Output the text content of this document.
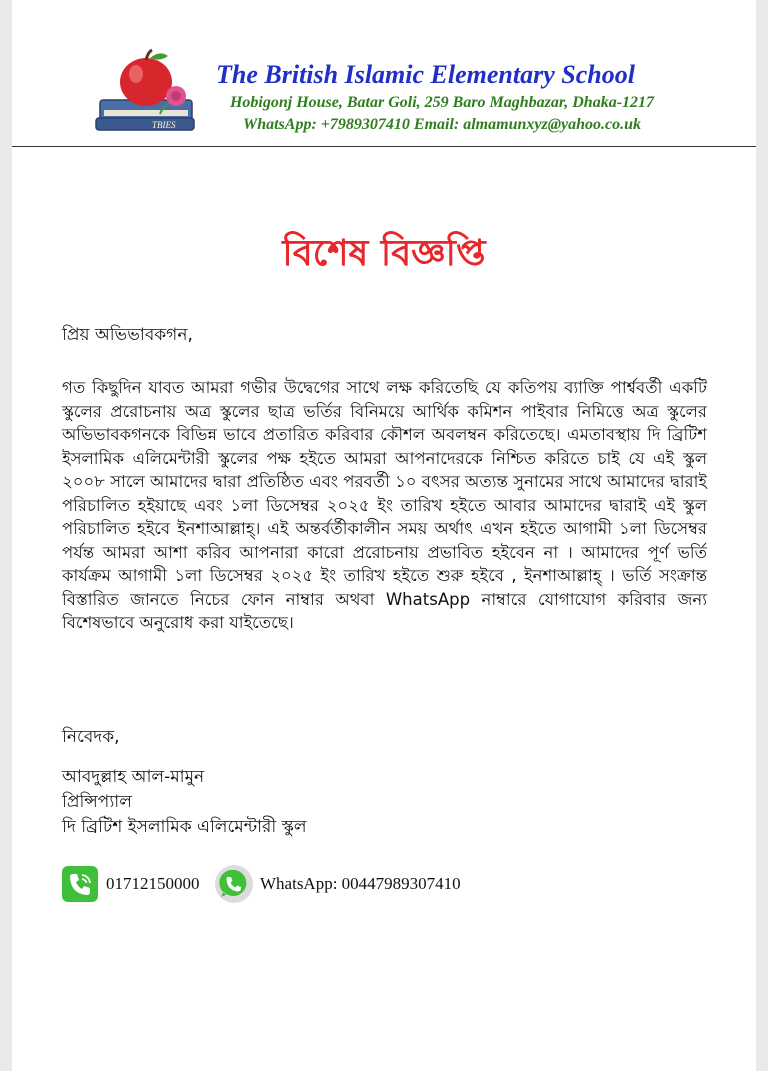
TBIES
The British Islamic Elementary School
Hobigonj House, Batar Goli, 259 Baro Maghbazar, Dhaka-1217
WhatsApp: +7989307410 Email: almamunxyz@yahoo.co.uk
বিশেষ বিজ্ঞপ্তি
প্রিয় অভিভাবকগন,
গত কিছুদিন যাবত আমরা গভীর উদ্বেগের সাথে লক্ষ করিতেছি যে কতিপয় ব্যাক্তি পার্শ্ববর্তী একটি স্কুলের প্ররোচনায় অত্র স্কুলের ছাত্র ভর্তির বিনিময়ে আর্থিক কমিশন পাইবার নিমিত্তে অত্র স্কুলের অভিভাবকগনকে বিভিন্ন ভাবে প্রতারিত করিবার কৌশল অবলম্বন করিতেছে। এমতাবস্থায় দি ব্রিটিশ ইসলামিক এলিমেন্টারী স্কুলের পক্ষ হইতে আমরা আপনাদেরকে নিশ্চিত করিতে চাই যে এই স্কুল ২০০৮ সালে আমাদের দ্বারা প্রতিষ্ঠিত এবং পরবর্তী ১০ বৎসর অত্যন্ত সুনামের সাথে আমাদের দ্বারাই পরিচালিত হইয়াছে এবং ১লা ডিসেম্বর ২০২৫ ইং তারিখ হইতে আবার আমাদের দ্বারাই এই স্কুল পরিচালিত হইবে ইনশাআল্লাহ্। এই অন্তর্বর্তীকালীন সময় অর্থাৎ এখন হইতে আগামী ১লা ডিসেম্বর পর্যন্ত আমরা আশা করিব আপনারা কারো প্ররোচনায় প্রভাবিত হইবেন না । আমাদের পূর্ণ ভর্তি কার্যক্রম আগামী ১লা ডিসেম্বর ২০২৫ ইং তারিখ হইতে শুরু হইবে , ইনশাআল্লাহ্ । ভর্তি সংক্রান্ত বিস্তারিত জানতে নিচের ফোন নাম্বার অথবা WhatsApp নাম্বারে যোগাযোগ করিবার জন্য বিশেষভাবে অনুরোধ করা যাইতেছে।
নিবেদক,
আবদুল্লাহ আল-মামুন
প্রিন্সিপ্যাল
দি ব্রিটিশ ইসলামিক এলিমেন্টারী স্কুল
01712150000	WhatsApp: 00447989307410
